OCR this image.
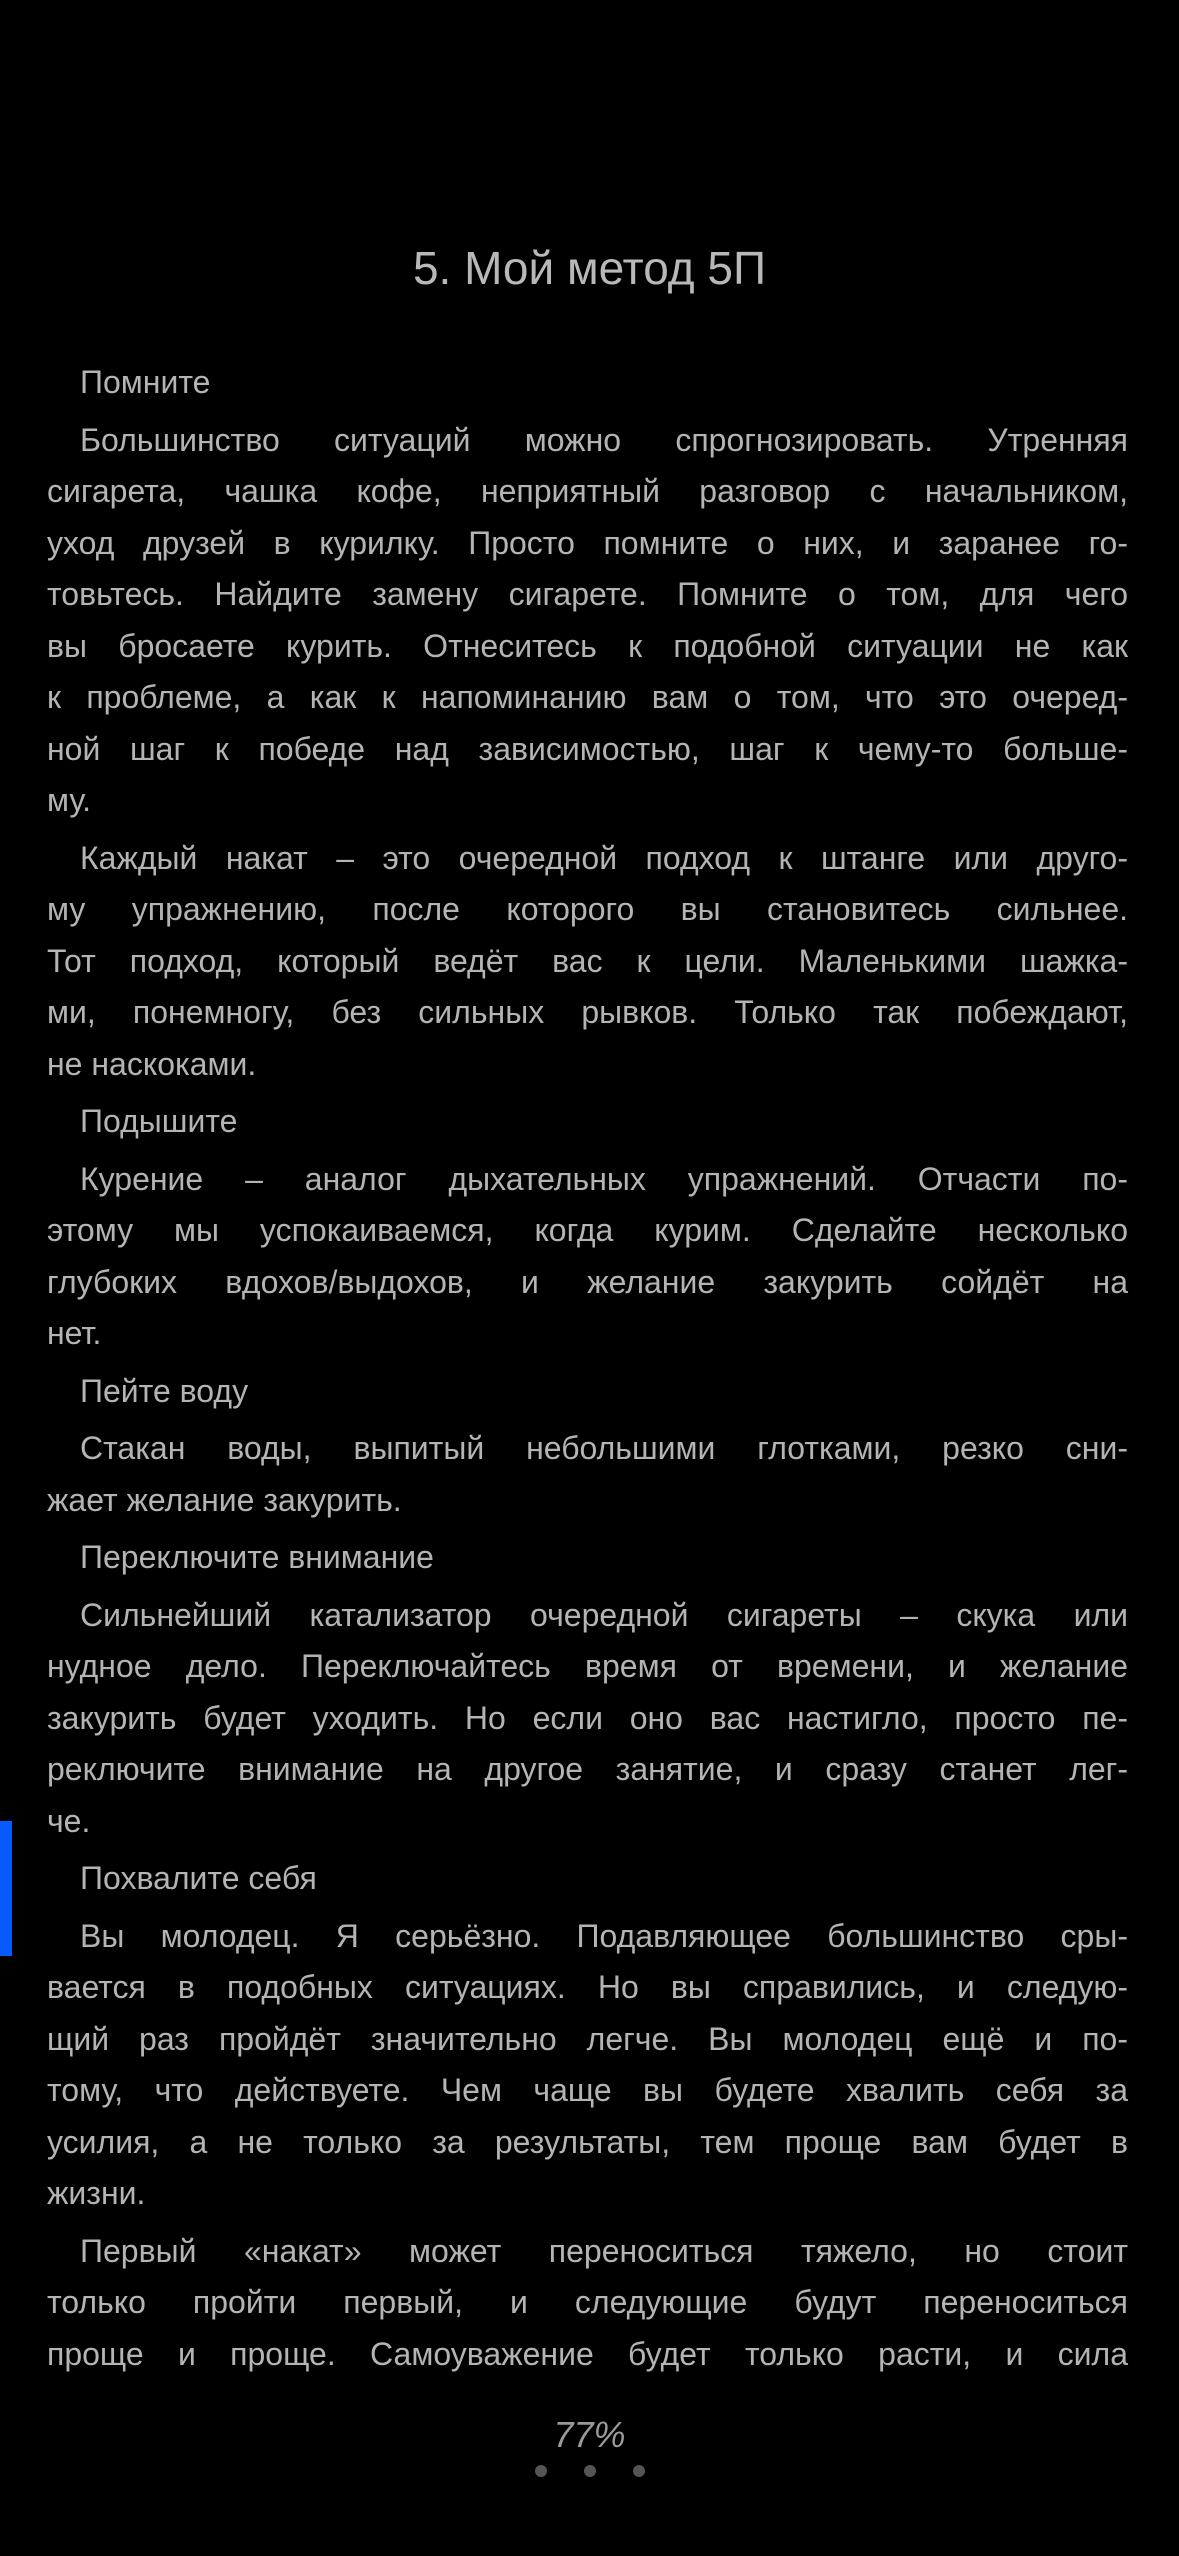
5. Мой метод 5П
Помните
Большинство ситуаций можно спрогнозировать. Утренняя
сигарета, чашка кофе, неприятный разговор с начальником,
уход друзей в курилку. Просто помните о них, и заранее го-
товьтесь. Найдите замену сигарете. Помните о том, для чего
вы бросаете курить. Отнеситесь к подобной ситуации не как
к проблеме, а как к напоминанию вам о том, что это очеред-
ной шаг к победе над зависимостью, шаг к чему-то больше-
му.
Каждый накат – это очередной подход к штанге или друго-
му упражнению, после которого вы становитесь сильнее.
Тот подход, который ведёт вас к цели. Маленькими шажка-
ми, понемногу, без сильных рывков. Только так побеждают,
не наскоками.
Подышите
Курение – аналог дыхательных упражнений. Отчасти по-
этому мы успокаиваемся, когда курим. Сделайте несколько
глубоких вдохов/выдохов, и желание закурить сойдёт на
нет.
Пейте воду
Стакан воды, выпитый небольшими глотками, резко сни-
жает желание закурить.
Переключите внимание
Сильнейший катализатор очередной сигареты – скука или
нудное дело. Переключайтесь время от времени, и желание
закурить будет уходить. Но если оно вас настигло, просто пе-
реключите внимание на другое занятие, и сразу станет лег-
че.
Похвалите себя
Вы молодец. Я серьёзно. Подавляющее большинство сры-
вается в подобных ситуациях. Но вы справились, и следую-
щий раз пройдёт значительно легче. Вы молодец ещё и по-
тому, что действуете. Чем чаще вы будете хвалить себя за
усилия, а не только за результаты, тем проще вам будет в
жизни.
Первый «накат» может переноситься тяжело, но стоит
только пройти первый, и следующие будут переноситься
проще и проще. Самоуважение будет только расти, и сила
77%
